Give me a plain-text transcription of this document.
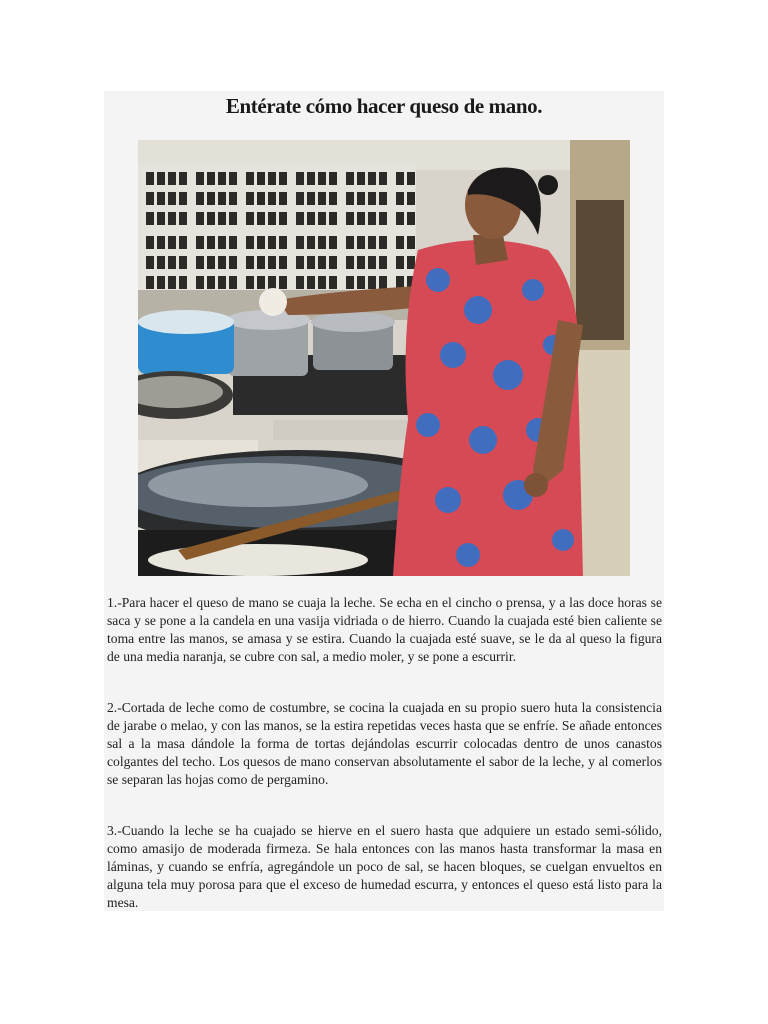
Entérate cómo hacer queso de mano.

1.-Para hacer el queso de mano se cuaja la leche. Se echa en el cincho o prensa, y a las doce horas se saca y se pone a la candela en una vasija vidriada o de hierro. Cuando la cuajada esté bien caliente se toma entre las manos, se amasa y se estira. Cuando la cuajada esté suave, se le da al queso la figura de una media naranja, se cubre con sal, a medio moler, y se pone a escurrir.

2.-Cortada de leche como de costumbre, se cocina la cuajada en su propio suero huta la consistencia de jarabe o melao, y con las manos, se la estira repetidas veces hasta que se enfríe. Se añade entonces sal a la masa dándole la forma de tortas dejándolas escurrir colocadas dentro de unos canastos colgantes del techo. Los quesos de mano conservan absolutamente el sabor de la leche, y al comerlos se separan las hojas como de pergamino.

3.-Cuando la leche se ha cuajado se hierve en el suero hasta que adquiere un estado semi-sólido, como amasijo de moderada firmeza. Se hala entonces con las manos hasta transformar la masa en láminas, y cuando se enfría, agregándole un poco de sal, se hacen bloques, se cuelgan envueltos en alguna tela muy porosa para que el exceso de humedad escurra, y entonces el queso está listo para la mesa.
